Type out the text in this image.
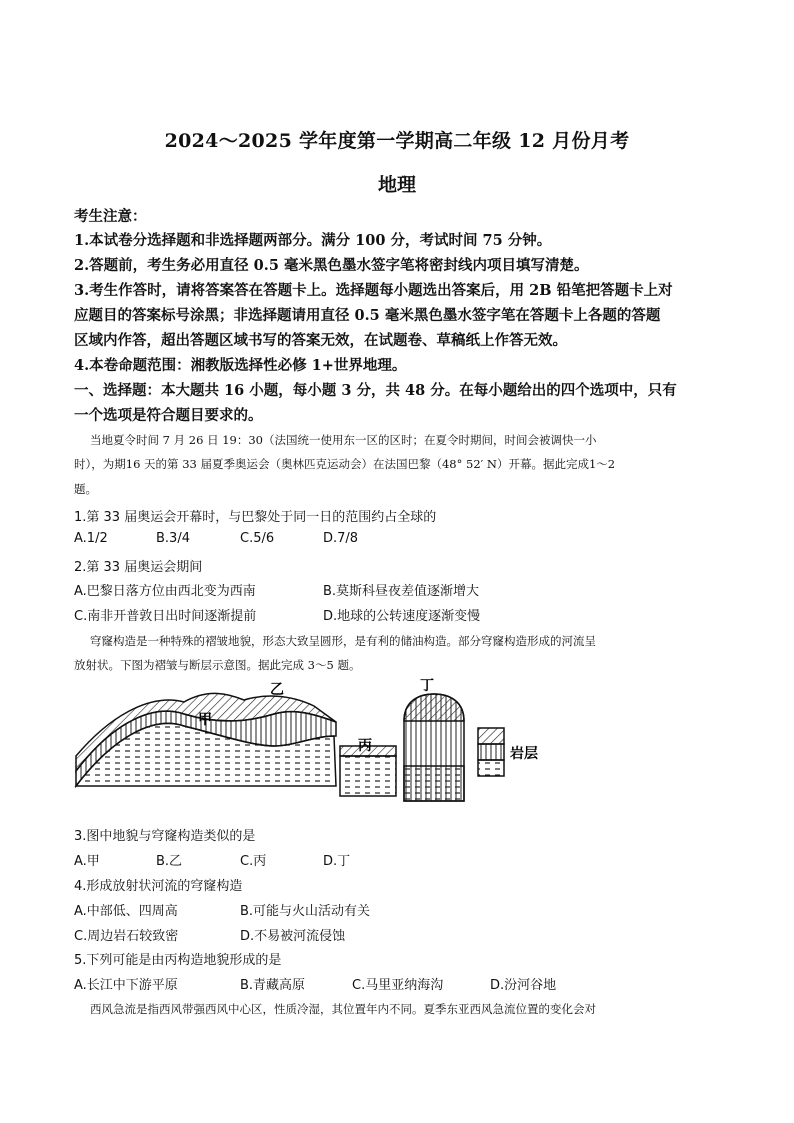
2024～2025 学年度第一学期高二年级 12 月份月考
地理
考生注意：
1.本试卷分选择题和非选择题两部分。满分 100 分，考试时间 75 分钟。
2.答题前，考生务必用直径 0.5 毫米黑色墨水签字笔将密封线内项目填写清楚。
3.考生作答时，请将答案答在答题卡上。选择题每小题选出答案后，用 2B 铅笔把答题卡上对
应题目的答案标号涂黑；非选择题请用直径 0.5 毫米黑色墨水签字笔在答题卡上各题的答题
区域内作答，超出答题区域书写的答案无效，在试题卷、草稿纸上作答无效。
4.本卷命题范围：湘教版选择性必修 1+世界地理。
一、选择题：本大题共 16 小题，每小题 3 分，共 48 分。在每小题给出的四个选项中，只有
一个选项是符合题目要求的。
当地夏令时间 7 月 26 日 19：30（法国统一使用东一区的区时；在夏令时期间，时间会被调快一小
时），为期16 天的第 33 届夏季奥运会（奥林匹克运动会）在法国巴黎（48° 52′ N）开幕。据此完成1～2
题。
1.第 33 届奥运会开幕时，与巴黎处于同一日的范围约占全球的
A.1/2	B.3/4	C.5/6	D.7/8
2.第 33 届奥运会期间
A.巴黎日落方位由西北变为西南	B.莫斯科昼夜差值逐渐增大
C.南非开普敦日出时间逐渐提前	D.地球的公转速度逐渐变慢
穹窿构造是一种特殊的褶皱地貌，形态大致呈圆形，是有利的储油构造。部分穹窿构造形成的河流呈
放射状。下图为褶皱与断层示意图。据此完成 3～5 题。
甲
乙
丙
丁
岩层
3.图中地貌与穹窿构造类似的是
A.甲	B.乙	C.丙	D.丁
4.形成放射状河流的穹窿构造
A.中部低、四周高	B.可能与火山活动有关
C.周边岩石较致密	D.不易被河流侵蚀
5.下列可能是由丙构造地貌形成的是
A.长江中下游平原	B.青藏高原	C.马里亚纳海沟	D.汾河谷地
西风急流是指西风带强西风中心区，性质冷湿，其位置年内不同。夏季东亚西风急流位置的变化会对
